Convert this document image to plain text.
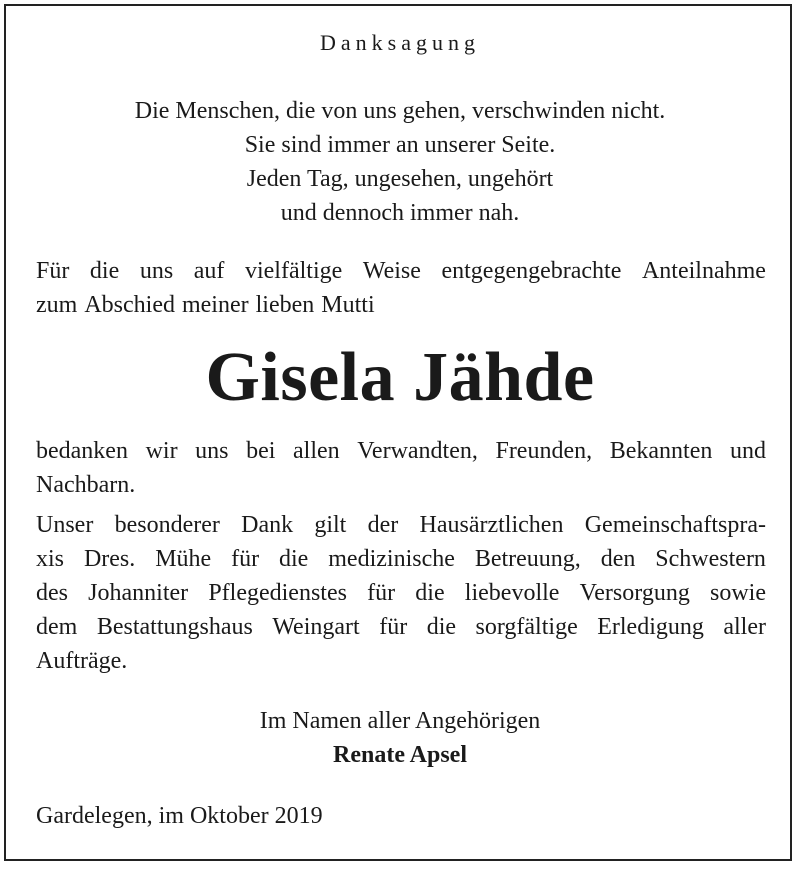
Danksagung
Die Menschen, die von uns gehen, verschwinden nicht.
Sie sind immer an unserer Seite.
Jeden Tag, ungesehen, ungehört
und dennoch immer nah.
Für die uns auf vielfältige Weise entgegengebrachte Anteilnahme
zum Abschied meiner lieben Mutti
Gisela Jähde
bedanken wir uns bei allen Verwandten, Freunden, Bekannten und
Nachbarn.
Unser besonderer Dank gilt der Hausärztlichen Gemeinschaftspra-
xis Dres. Mühe für die medizinische Betreuung, den Schwestern
des Johanniter Pflegedienstes für die liebevolle Versorgung sowie
dem Bestattungshaus Weingart für die sorgfältige Erledigung aller
Aufträge.
Im Namen aller Angehörigen
Renate Apsel
Gardelegen, im Oktober 2019
